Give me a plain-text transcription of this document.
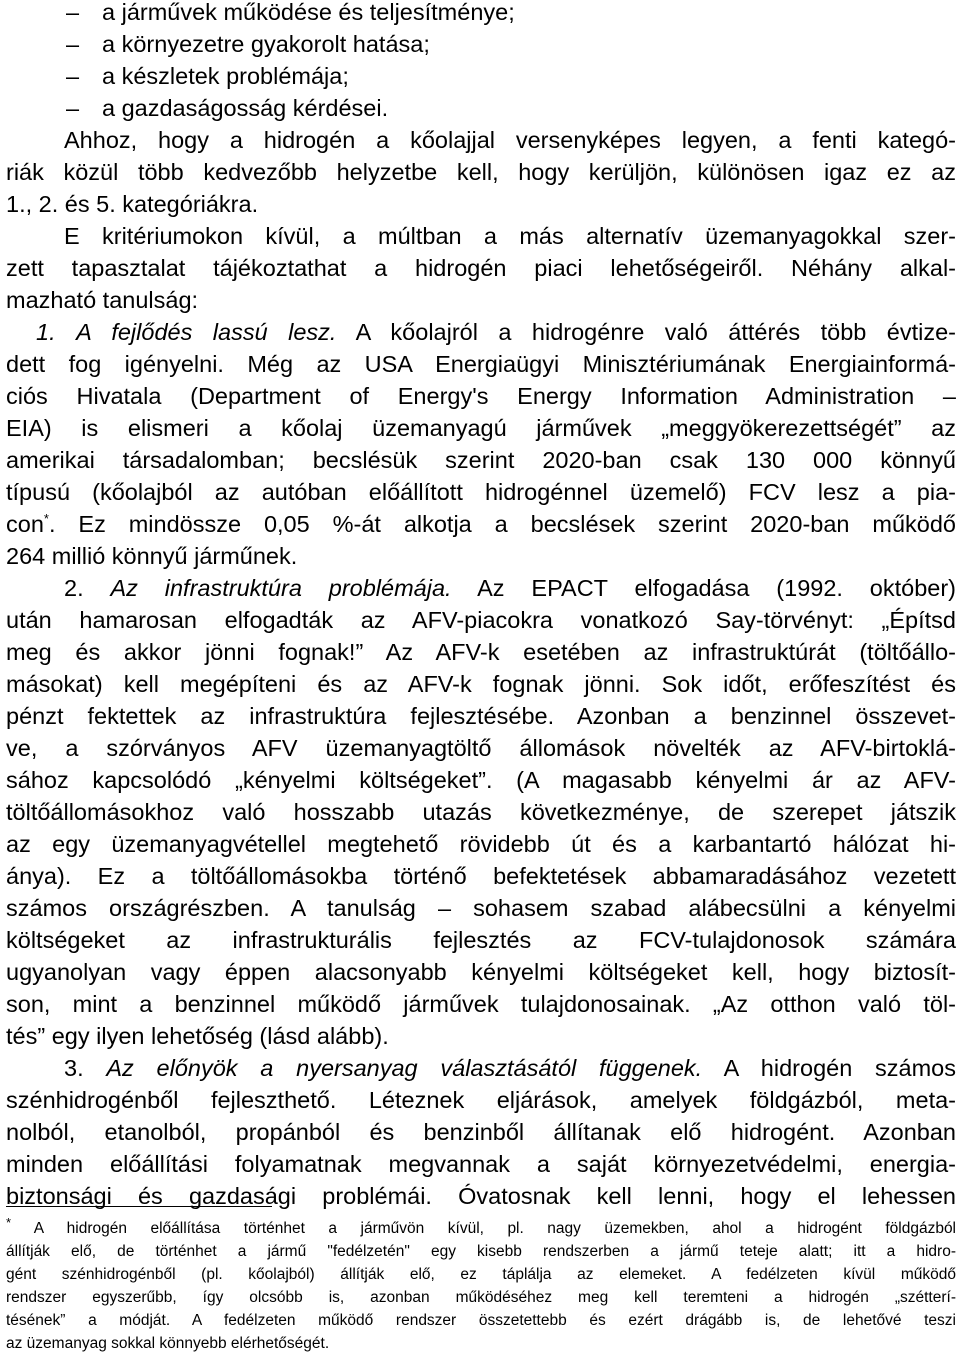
– a járművek működése és teljesítménye;
– a környezetre gyakorolt hatása;
– a készletek problémája;
– a gazdaságosság kérdései.
Ahhoz, hogy a hidrogén a kőolajjal versenyképes legyen, a fenti kategó-
riák közül több kedvezőbb helyzetbe kell, hogy kerüljön, különösen igaz ez az
1., 2. és 5. kategóriákra.
E kritériumokon kívül, a múltban a más alternatív üzemanyagokkal szer-
zett tapasztalat tájékoztathat a hidrogén piaci lehetőségeiről. Néhány alkal-
mazható tanulság:
1. A fejlődés lassú lesz. A kőolajról a hidrogénre való áttérés több évtize-
dett fog igényelni. Még az USA Energiaügyi Minisztériumának Energiainformá-
ciós Hivatala (Department of Energy's Energy Information Administration –
EIA) is elismeri a kőolaj üzemanyagú járművek „meggyökerezettségét” az
amerikai társadalomban; becslésük szerint 2020-ban csak 130 000 könnyű
típusú (kőolajból az autóban előállított hidrogénnel üzemelő) FCV lesz a pia-
con*. Ez mindössze 0,05 %-át alkotja a becslések szerint 2020-ban működő
264 millió könnyű járműnek.
2. Az infrastruktúra problémája. Az EPACT elfogadása (1992. október)
után hamarosan elfogadták az AFV-piacokra vonatkozó Say-törvényt: „Építsd
meg és akkor jönni fognak!” Az AFV-k esetében az infrastruktúrát (töltőállo-
másokat) kell megépíteni és az AFV-k fognak jönni. Sok időt, erőfeszítést és
pénzt fektettek az infrastruktúra fejlesztésébe. Azonban a benzinnel összevet-
ve, a szórványos AFV üzemanyagtöltő állomások növelték az AFV-birtoklá-
sához kapcsolódó „kényelmi költségeket”. (A magasabb kényelmi ár az AFV-
töltőállomásokhoz való hosszabb utazás következménye, de szerepet játszik
az egy üzemanyagvétellel megtehető rövidebb út és a karbantartó hálózat hi-
ánya). Ez a töltőállomásokba történő befektetések abbamaradásához vezetett
számos országrészben. A tanulság – sohasem szabad alábecsülni a kényelmi
költségeket az infrastrukturális fejlesztés az FCV-tulajdonosok számára
ugyanolyan vagy éppen alacsonyabb kényelmi költségeket kell, hogy biztosít-
son, mint a benzinnel működő járművek tulajdonosainak. „Az otthon való töl-
tés” egy ilyen lehetőség (lásd alább).
3. Az előnyök a nyersanyag választásától függenek. A hidrogén számos
szénhidrogénből fejleszthető. Léteznek eljárások, amelyek földgázból, meta-
nolból, etanolból, propánból és benzinből állítanak elő hidrogént. Azonban
minden előállítási folyamatnak megvannak a saját környezetvédelmi, energia-
biztonsági és gazdasági problémái. Óvatosnak kell lenni, hogy el lehessen
* A hidrogén előállítása történhet a járművön kívül, pl. nagy üzemekben, ahol a hidrogént földgázból
állítják elő, de történhet a jármű "fedélzetén" egy kisebb rendszerben a jármű teteje alatt; itt a hidro-
gént szénhidrogénből (pl. kőolajból) állítják elő, ez táplálja az elemeket. A fedélzeten kívül működő
rendszer egyszerűbb, így olcsóbb is, azonban működéséhez meg kell teremteni a hidrogén „szétterí-
tésének” a módját. A fedélzeten működő rendszer összetettebb és ezért drágább is, de lehetővé teszi
az üzemanyag sokkal könnyebb elérhetőségét.
